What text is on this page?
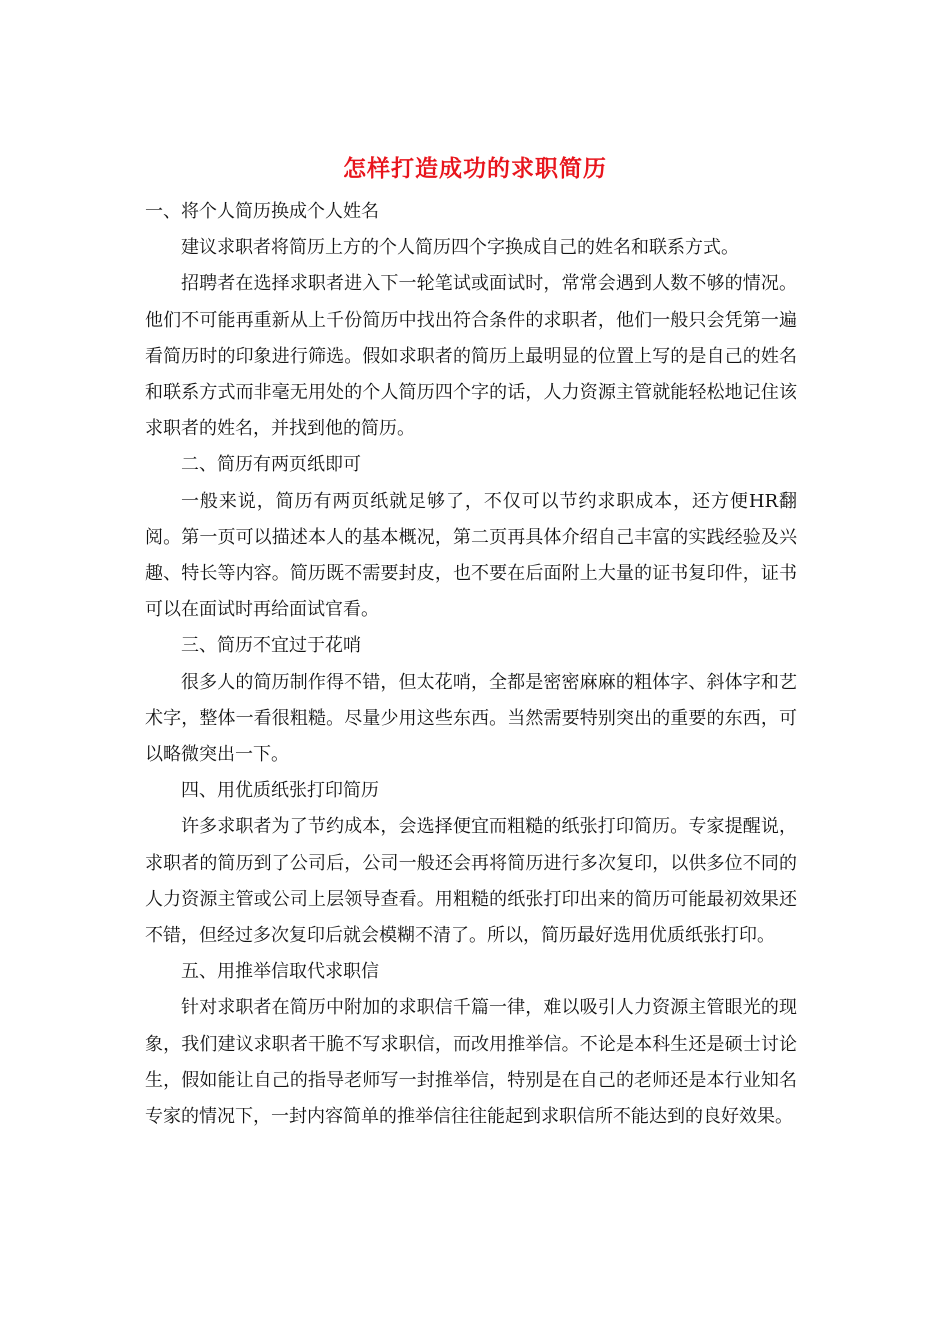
怎样打造成功的求职简历

一、将个人简历换成个人姓名

建议求职者将简历上方的个人简历四个字换成自己的姓名和联系方式。

招聘者在选择求职者进入下一轮笔试或面试时，常常会遇到人数不够的情况。他们不可能再重新从上千份简历中找出符合条件的求职者，他们一般只会凭第一遍看简历时的印象进行筛选。假如求职者的简历上最明显的位置上写的是自己的姓名和联系方式而非毫无用处的个人简历四个字的话，人力资源主管就能轻松地记住该求职者的姓名，并找到他的简历。

二、简历有两页纸即可

一般来说，简历有两页纸就足够了，不仅可以节约求职成本，还方便HR翻阅。第一页可以描述本人的基本概况，第二页再具体介绍自己丰富的实践经验及兴趣、特长等内容。简历既不需要封皮，也不要在后面附上大量的证书复印件，证书可以在面试时再给面试官看。

三、简历不宜过于花哨

很多人的简历制作得不错，但太花哨，全都是密密麻麻的粗体字、斜体字和艺术字，整体一看很粗糙。尽量少用这些东西。当然需要特别突出的重要的东西，可以略微突出一下。

四、用优质纸张打印简历

许多求职者为了节约成本，会选择便宜而粗糙的纸张打印简历。专家提醒说，求职者的简历到了公司后，公司一般还会再将简历进行多次复印，以供多位不同的人力资源主管或公司上层领导查看。用粗糙的纸张打印出来的简历可能最初效果还不错，但经过多次复印后就会模糊不清了。所以，简历最好选用优质纸张打印。

五、用推举信取代求职信

针对求职者在简历中附加的求职信千篇一律，难以吸引人力资源主管眼光的现象，我们建议求职者干脆不写求职信，而改用推举信。不论是本科生还是硕士讨论生，假如能让自己的指导老师写一封推举信，特别是在自己的老师还是本行业知名专家的情况下，一封内容简单的推举信往往能起到求职信所不能达到的良好效果。
